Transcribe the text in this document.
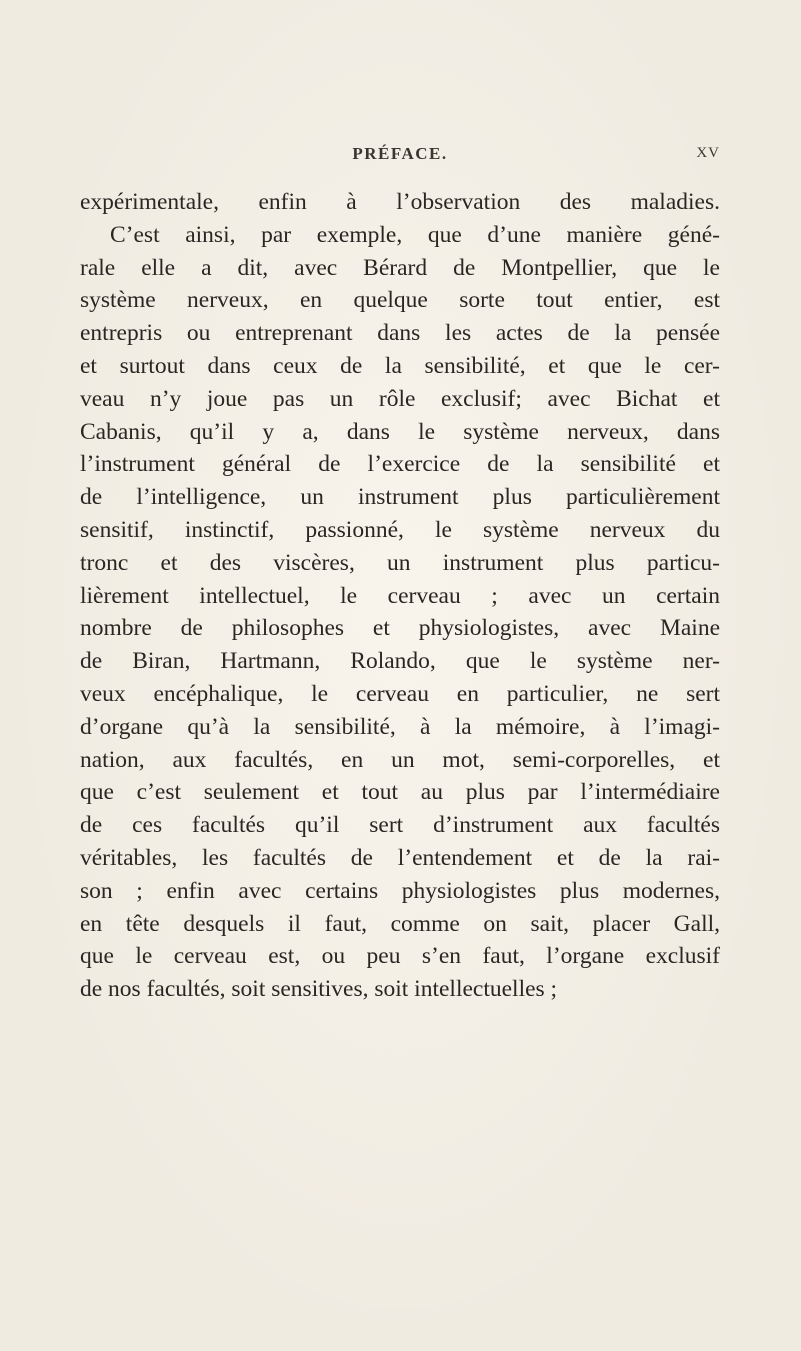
PRÉFACE.	XV
expérimentale, enfin à l’observation des maladies.
C’est ainsi, par exemple, que d’une manière géné-
rale elle a dit, avec Bérard de Montpellier, que le
système nerveux, en quelque sorte tout entier, est
entrepris ou entreprenant dans les actes de la pensée
et surtout dans ceux de la sensibilité, et que le cer-
veau n’y joue pas un rôle exclusif; avec Bichat et
Cabanis, qu’il y a, dans le système nerveux, dans
l’instrument général de l’exercice de la sensibilité et
de l’intelligence, un instrument plus particulièrement
sensitif, instinctif, passionné, le système nerveux du
tronc et des viscères, un instrument plus particu-
lièrement intellectuel, le cerveau ; avec un certain
nombre de philosophes et physiologistes, avec Maine
de Biran, Hartmann, Rolando, que le système ner-
veux encéphalique, le cerveau en particulier, ne sert
d’organe qu’à la sensibilité, à la mémoire, à l’imagi-
nation, aux facultés, en un mot, semi-corporelles, et
que c’est seulement et tout au plus par l’intermédiaire
de ces facultés qu’il sert d’instrument aux facultés
véritables, les facultés de l’entendement et de la rai-
son ; enfin avec certains physiologistes plus modernes,
en tête desquels il faut, comme on sait, placer Gall,
que le cerveau est, ou peu s’en faut, l’organe exclusif
de nos facultés, soit sensitives, soit intellectuelles ;
